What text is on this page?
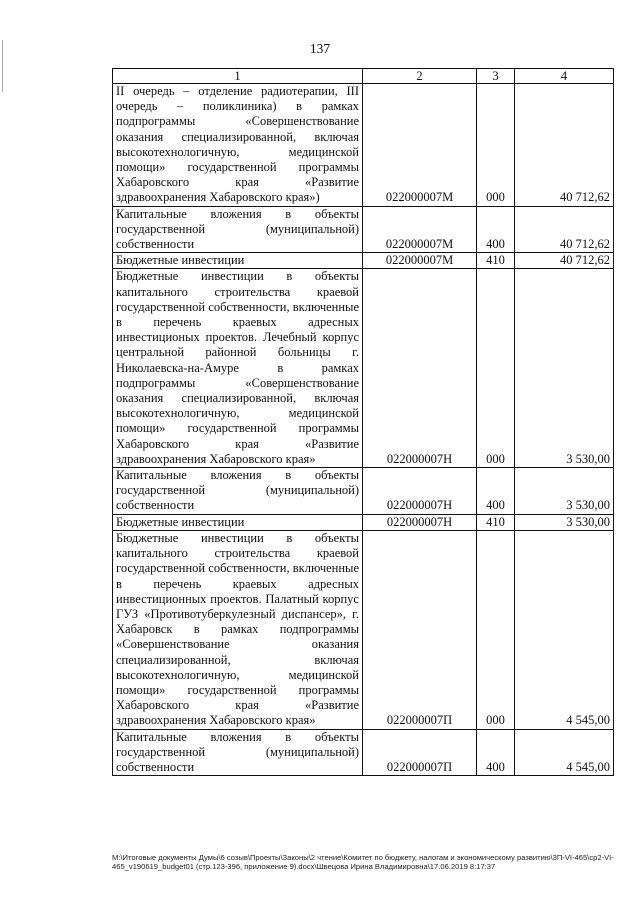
137
1	2	3	4
II очередь – отделение радиотерапии, III очередь – поликлиника) в рамках подпрограммы «Совершенствование оказания специализированной, включая высокотехнологичную, медицинской помощи» государственной программы Хабаровского края «Развитие
здравоохранения Хабаровского края»)	022000007М	000	40 712,62
Капитальные вложения в объекты государственной (муниципальной)
собственности	022000007М	400	40 712,62

Бюджетные инвестиции	022000007М	410	40 712,62
Бюджетные инвестиции в объекты капитального строительства краевой государственной собственности, включенные в перечень краевых адресных инвестиционых проектов. Лечебный корпус центральной районной больницы г. Николаевска-на-Амуре в рамках подпрограммы «Совершенствование оказания специализированной, включая высокотехнологичную, медицинской помощи» государственной программы Хабаровского края «Развитие
здравоохранения Хабаровского края»	022000007Н	000	3 530,00
Капитальные вложения в объекты государственной (муниципальной)
собственности	022000007Н	400	3 530,00

Бюджетные инвестиции	022000007Н	410	3 530,00
Бюджетные инвестиции в объекты капитального строительства краевой государственной собственности, включенные в перечень краевых адресных инвестиционных проектов. Палатный корпус ГУЗ «Противотуберкулезный диспансер», г. Хабаровск в рамках подпрограммы «Совершенствование оказания специализированной, включая высокотехнологичную, медицинской помощи» государственной программы Хабаровского края «Развитие
здравоохранения Хабаровского края»	022000007П	000	4 545,00
Капитальные вложения в объекты государственной (муниципальной)
собственности	022000007П	400	4 545,00
M:\Итоговые документы Думы\6 созыв\Проекты\Законы\2 чтение\Комитет по бюджету, налогам и экономическому развитию\3П-VI-465\ср2-VI-465_v190619_budget01 (стр.123-396, приложение 9).docx\Швецова Ирина Владимировна\17.06.2019 8:17:37
